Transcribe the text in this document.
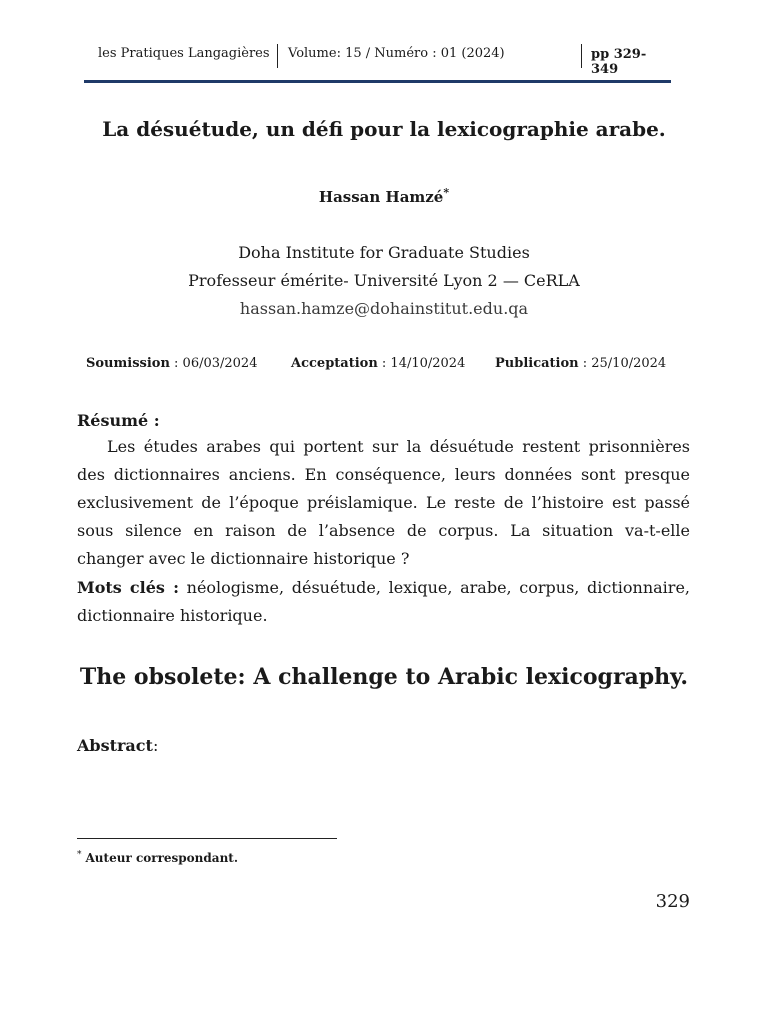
les Pratiques Langagières Volume: 15 / Numéro : 01 (2024)	pp 329- 349
La désuétude, un défi pour la lexicographie arabe.
Hassan Hamzé*
Doha Institute for Graduate Studies
Professeur émérite- Université Lyon 2 — CeRLA
hassan.hamze@dohainstitut.edu.qa
Soumission : 06/03/2024	Acceptation : 14/10/2024 Publication : 25/10/2024
Résumé :

Les études arabes qui portent sur la désuétude restent prisonnières des dictionnaires anciens. En conséquence, leurs données sont presque exclusivement de l’époque préislamique. Le reste de l’histoire est passé sous silence en raison de l’absence de corpus. La situation va-t-elle changer avec le dictionnaire historique ?

Mots clés : néologisme, désuétude, lexique, arabe, corpus, dictionnaire, dictionnaire historique.

The obsolete: A challenge to Arabic lexicography.
Abstract:
* Auteur correspondant.
329
